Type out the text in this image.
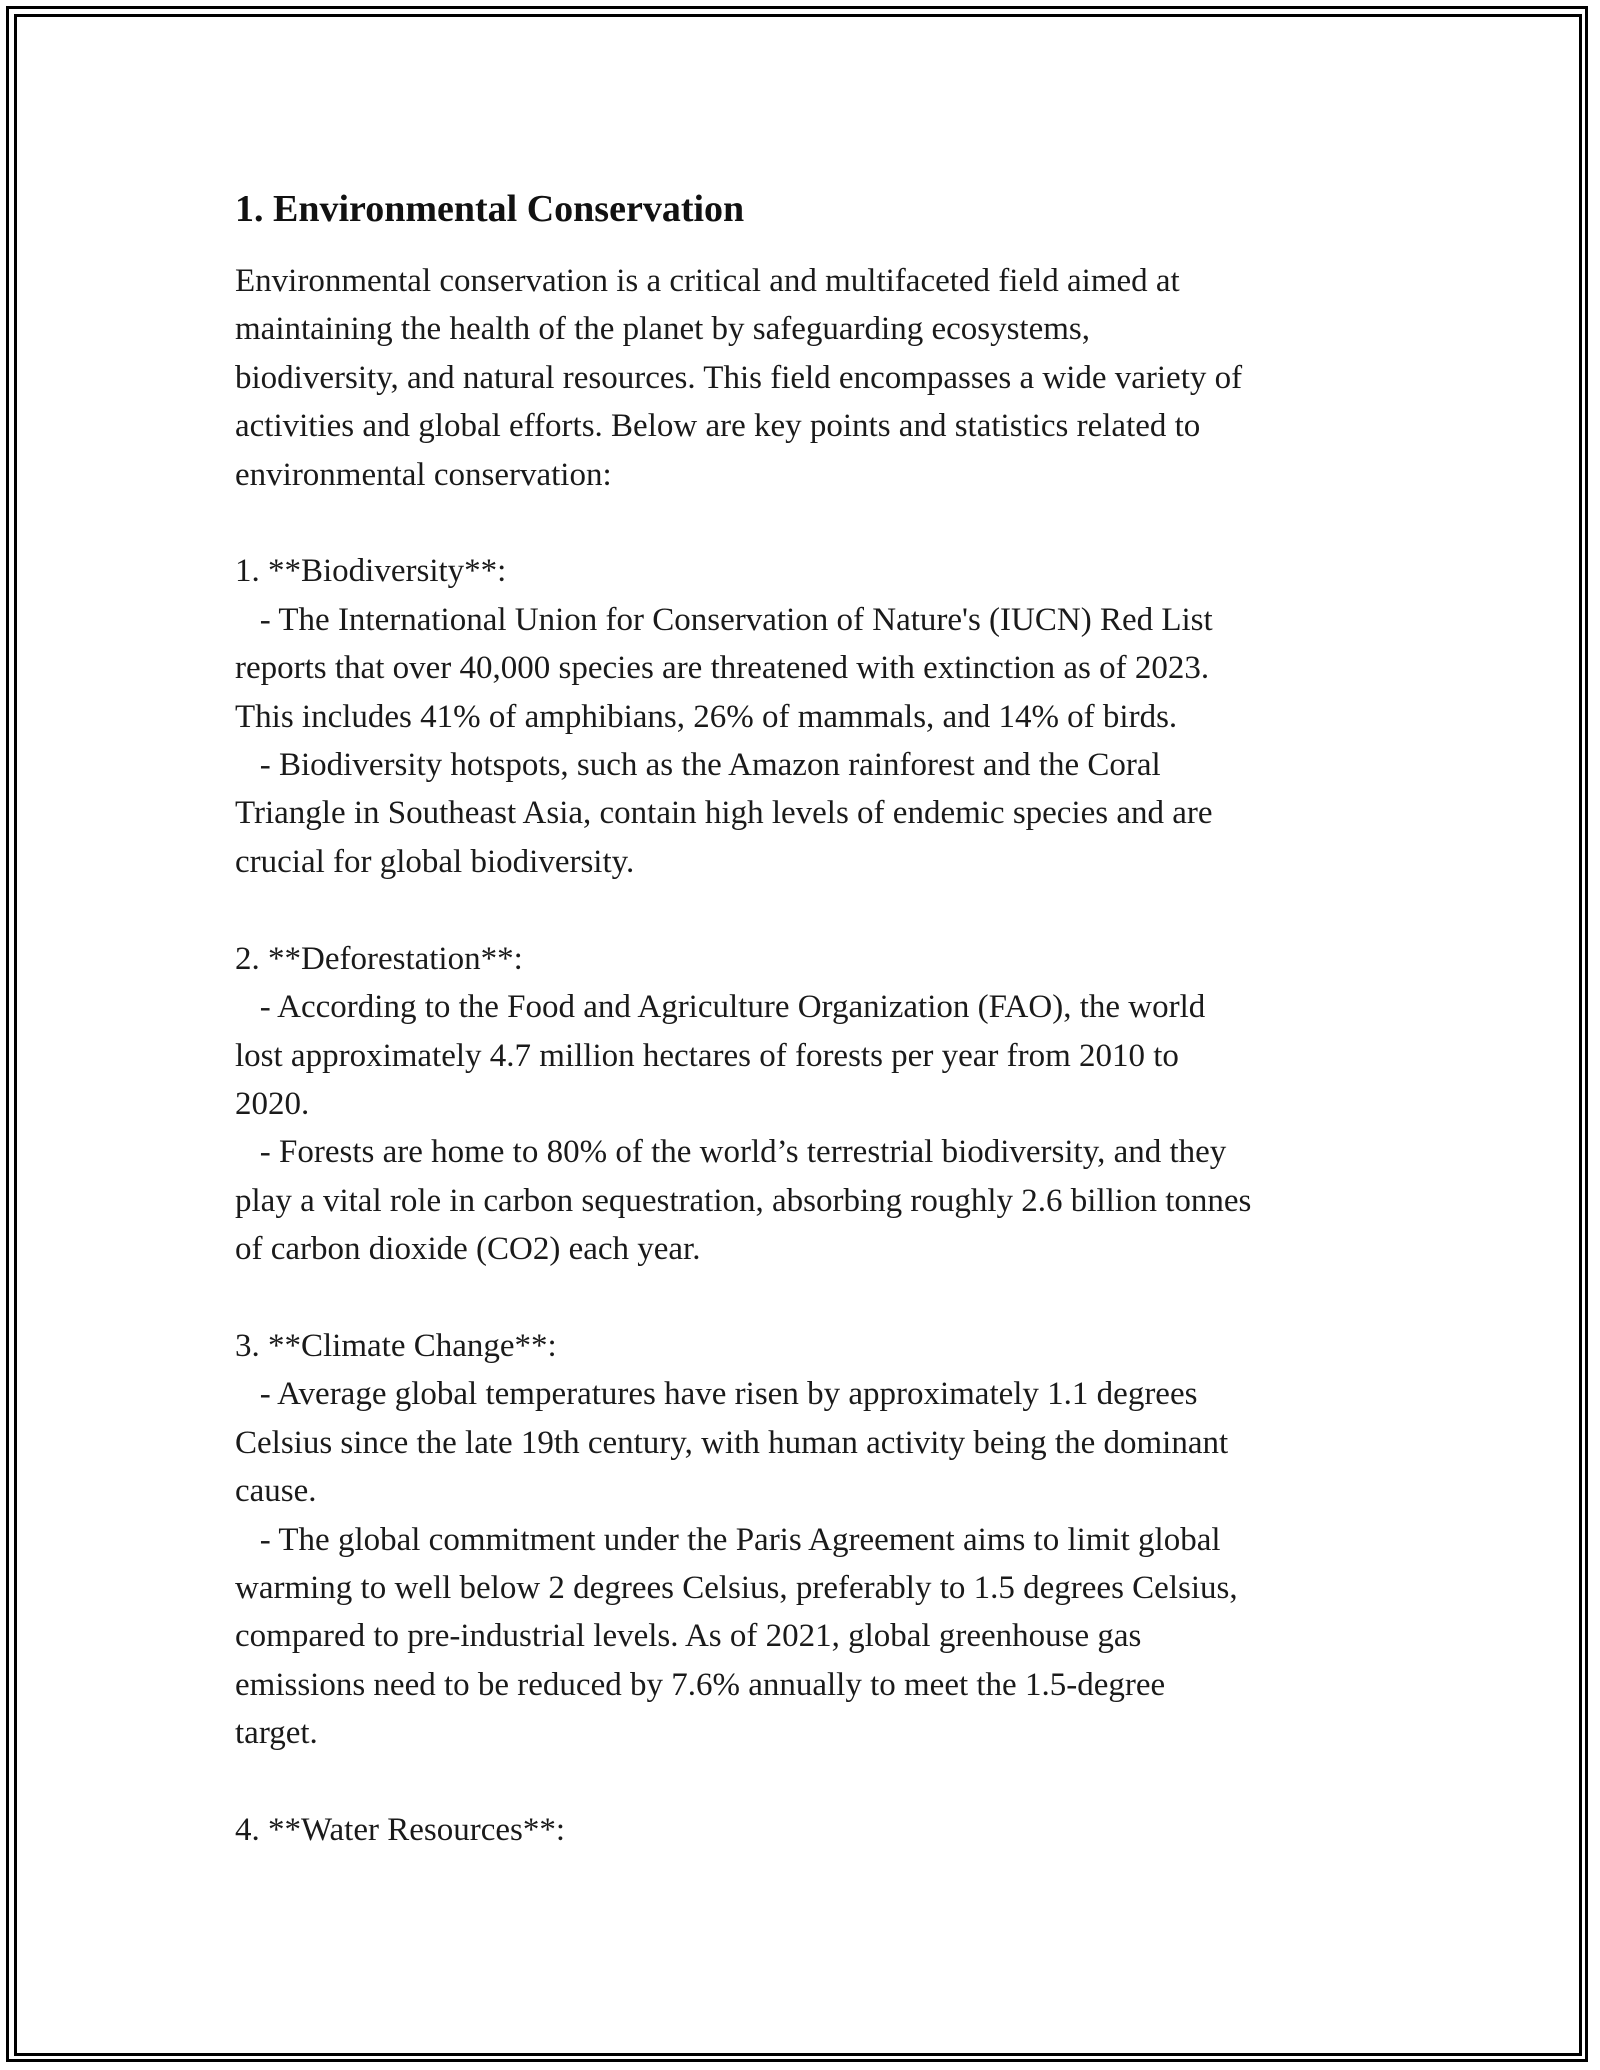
1. Environmental Conservation

Environmental conservation is a critical and multifaceted field aimed at
maintaining the health of the planet by safeguarding ecosystems,
biodiversity, and natural resources. This field encompasses a wide variety of
activities and global efforts. Below are key points and statistics related to
environmental conservation:

1. **Biodiversity**:
- The International Union for Conservation of Nature's (IUCN) Red List
reports that over 40,000 species are threatened with extinction as of 2023.
This includes 41% of amphibians, 26% of mammals, and 14% of birds.
- Biodiversity hotspots, such as the Amazon rainforest and the Coral
Triangle in Southeast Asia, contain high levels of endemic species and are
crucial for global biodiversity.

2. **Deforestation**:
- According to the Food and Agriculture Organization (FAO), the world
lost approximately 4.7 million hectares of forests per year from 2010 to
2020.
- Forests are home to 80% of the world’s terrestrial biodiversity, and they
play a vital role in carbon sequestration, absorbing roughly 2.6 billion tonnes
of carbon dioxide (CO2) each year.

3. **Climate Change**:
- Average global temperatures have risen by approximately 1.1 degrees
Celsius since the late 19th century, with human activity being the dominant
cause.
- The global commitment under the Paris Agreement aims to limit global
warming to well below 2 degrees Celsius, preferably to 1.5 degrees Celsius,
compared to pre-industrial levels. As of 2021, global greenhouse gas
emissions need to be reduced by 7.6% annually to meet the 1.5-degree
target.

4. **Water Resources**:
